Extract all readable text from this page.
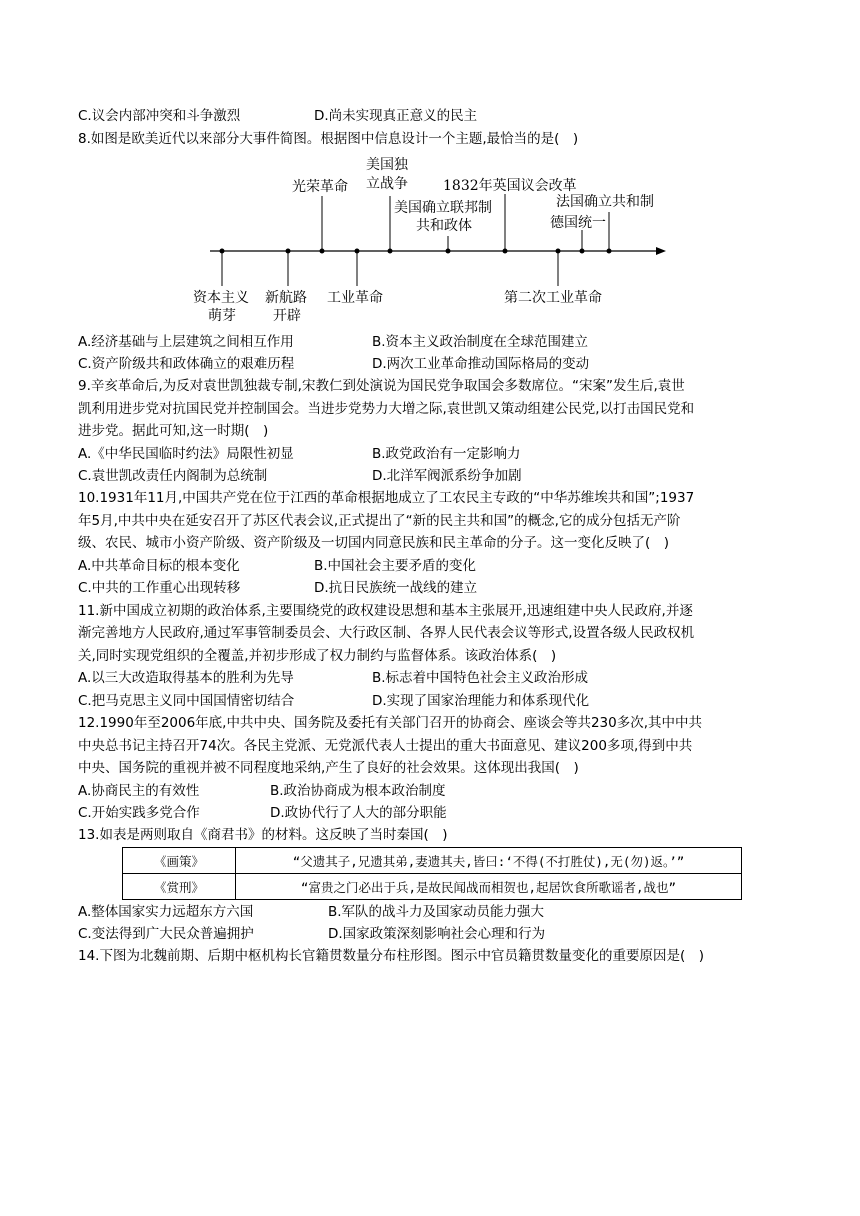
C.议会内部冲突和斗争激烈	D.尚未实现真正意义的民主
8.如图是欧美近代以来部分大事件简图。根据图中信息设计一个主题,最恰当的是(　)
光荣革命
美国独
立战争
美国确立联邦制
共和政体
1832年英国议会改革
法国确立共和制
德国统一
资本主义
萌芽
新航路
开辟
工业革命	第二次工业革命
A.经济基础与上层建筑之间相互作用	B.资本主义政治制度在全球范围建立
C.资产阶级共和政体确立的艰难历程	D.两次工业革命推动国际格局的变动
9.辛亥革命后,为反对袁世凯独裁专制,宋教仁到处演说为国民党争取国会多数席位。“宋案”发生后,袁世
凯利用进步党对抗国民党并控制国会。当进步党势力大增之际,袁世凯又策动组建公民党,以打击国民党和
进步党。据此可知,这一时期(　)
A.《中华民国临时约法》局限性初显	B.政党政治有一定影响力
C.袁世凯改责任内阁制为总统制	D.北洋军阀派系纷争加剧
10.1931年11月,中国共产党在位于江西的革命根据地成立了工农民主专政的“中华苏维埃共和国”;1937
年5月,中共中央在延安召开了苏区代表会议,正式提出了“新的民主共和国”的概念,它的成分包括无产阶
级、农民、城市小资产阶级、资产阶级及一切国内同意民族和民主革命的分子。这一变化反映了(　)
A.中共革命目标的根本变化	B.中国社会主要矛盾的变化
C.中共的工作重心出现转移	D.抗日民族统一战线的建立
11.新中国成立初期的政治体系,主要围绕党的政权建设思想和基本主张展开,迅速组建中央人民政府,并逐
渐完善地方人民政府,通过军事管制委员会、大行政区制、各界人民代表会议等形式,设置各级人民政权机
关,同时实现党组织的全覆盖,并初步形成了权力制约与监督体系。该政治体系(　)
A.以三大改造取得基本的胜利为先导	B.标志着中国特色社会主义政治形成
C.把马克思主义同中国国情密切结合	D.实现了国家治理能力和体系现代化
12.1990年至2006年底,中共中央、国务院及委托有关部门召开的协商会、座谈会等共230多次,其中中共
中央总书记主持召开74次。各民主党派、无党派代表人士提出的重大书面意见、建议200多项,得到中共
中央、国务院的重视并被不同程度地采纳,产生了良好的社会效果。这体现出我国(　)
A.协商民主的有效性	B.政治协商成为根本政治制度
C.开始实践多党合作	D.政协代行了人大的部分职能
13.如表是两则取自《商君书》的材料。这反映了当时秦国(　)
《画策》	“父遗其子,兄遗其弟,妻遗其夫,皆曰:‘不得(不打胜仗),无(勿)返。’”
《赏刑》	“富贵之门必出于兵,是故民闻战而相贺也,起居饮食所歌谣者,战也”
A.整体国家实力远超东方六国	B.军队的战斗力及国家动员能力强大
C.变法得到广大民众普遍拥护	D.国家政策深刻影响社会心理和行为
14.下图为北魏前期、后期中枢机构长官籍贯数量分布柱形图。图示中官员籍贯数量变化的重要原因是(　)
